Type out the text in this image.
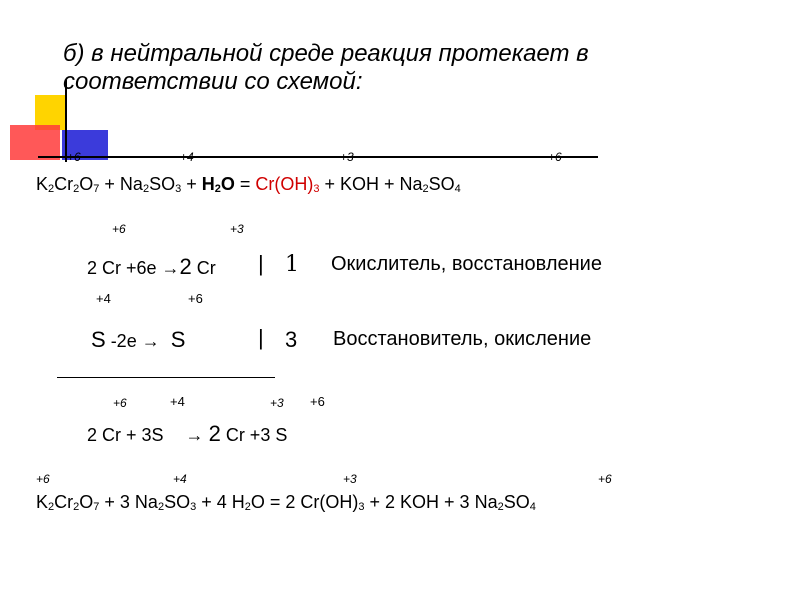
б) в нейтральной среде реакция протекает в
соответствии со схемой:
+6	+4	+3	+6
$K_2Cr_2O_7 + Na_2SO_3 + H_2O = Cr(OH)_3$ + KOH + $Na_2SO_4$
+6	+3
2 Cr +6e →2 Cr | 1 Окислитель, восстановление
+4	+6
S -2e → S	| 3 Восстановитель, окисление
+6	+4	+3 +6
2 Cr + 3S → 2 Cr +3 S
+6	+4	+3	+6
$K_2Cr_2O_7 + 3$ $Na_2SO_3 + 4$ $H_2O = 2$ $Cr(OH)_3 + 2$ KOH + 3 $Na_2SO_4$
